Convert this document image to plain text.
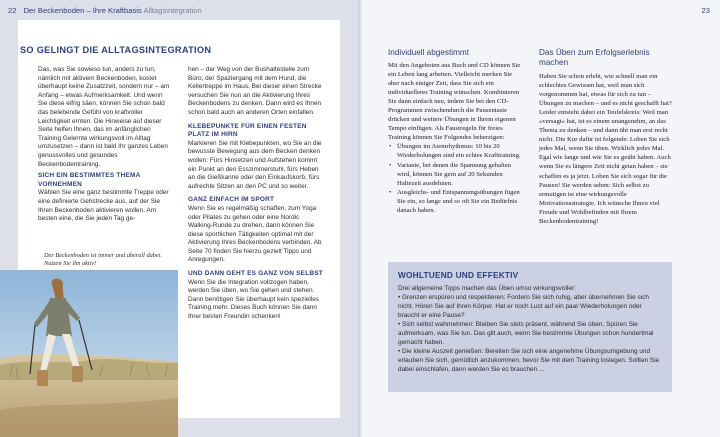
22 Der Beckenboden – Ihre Kraftbasis Alltagsintegration
SO GELINGT DIE ALLTAGSINTEGRATION

Das, was Sie sowieso tun, anders zu tun, nämlich mit aktivem Beckenboden, kostet überhaupt keine Zusatzzeit, sondern nur – am Anfang – etwas Aufmerksamkeit. Und wenn Sie diese eifrig säen, können Sie schon bald das belebende Gefühl von kraftvoller Leichtigkeit ernten. Die Hinweise auf dieser Seite helfen Ihnen, das im anfänglichen Training Gelernte wirkungsvoll im Alltag umzusetzen – dann ist bald Ihr ganzes Leben genussvolles und gesundes Beckenbodentraining.

SICH EIN BESTIMMTES THEMA VORNEHMEN

Wählen Sie eine ganz bestimmte Treppe oder eine definierte Gehstrecke aus, auf der Sie Ihren Beckenboden aktivieren wollen. Am besten eine, die Sie jeden Tag ge-

Der Beckenboden ist immer und überall dabei. Nutzen Sie ihn aktiv!

hen – der Weg von der Bushaltestelle zum Büro, der Spaziergang mit dem Hund, die Kellertreppe im Haus. Bei dieser einen Strecke versuchen Sie nun an die Aktivierung Ihres Beckenbodens zu denken. Dann wird es Ihnen schon bald auch an anderen Orten einfallen.

KLEBEPUNKTE FÜR EINEN FESTEN PLATZ IM HIRN

Markieren Sie mit Klebepunkten, wo Sie an die bewusste Bewegung aus dem Becken denken wollen: Fürs Hinsetzen und Aufstehen kommt ein Punkt an den Esszimmerstuhl, fürs Heben an die Gießkanne oder den Einkaufskorb, fürs aufrechte Sitzen an den PC und so weiter.

GANZ EINFACH IM SPORT

Wenn Sie es regelmäßig schaffen, zum Yoga oder Pilates zu gehen oder eine Nordic Walking-Runde zu drehen, dann können Sie diese sportlichen Tätigkeiten optimal mit der Aktivierung Ihres Beckenbodens verbinden. Ab Seite 70 finden Sie hierzu gezielt Tipps und Anregungen.

UND DANN GEHT ES GANZ VON SELBST

Wenn Sie die Integration vollzogen haben, werden Sie üben, wo Sie gehen und stehen. Dann benötigen Sie überhaupt kein spezielles Training mehr. Dieses Buch können Sie dann Ihrer besten Freundin schenken!

23
Individuell abgestimmt

Mit den Angeboten aus Buch und CD können Sie ein Leben lang arbeiten. Vielleicht merken Sie aber nach einiger Zeit, dass Sie sich ein individuelleres Training wünschen. Kombinieren Sie dann einfach neu, indem Sie bei den CD-Programmen zwischendurch die Pausentaste drücken und weitere Übungen in Ihrem eigenen Tempo einfügen. Als Faustregeln für freies Training können Sie Folgendes beherzigen:

• Übungen im Atemrhythmus: 10 bis 20 Wiederholungen sind ein echtes Krafttraining.
• Variante, bei denen die Spannung gehalten wird, können Sie gern auf 20 Sekunden Haltezeit ausdehnen.
• Ausgleichs- und Entspannungsübungen fügen Sie ein, so lange und so oft Sie ein Bedürfnis danach haben.
Das Üben zum Erfolgserlebnis machen

Haben Sie schon erlebt, wie schnell man ein schlechtes Gewissen hat, weil man sich vorgenommen hat, etwas für sich zu tun – Übungen zu machen – und es nicht geschafft hat? Leider entsteht dabei ein Teufelskreis: Weil man »versagt« hat, ist es einem unangenehm, an das Thema zu denken – und dann übt man erst recht nicht. Die Kur dafür ist folgende: Loben Sie sich jedes Mal, wenn Sie üben. Wirklich jedes Mal. Egal wie lange und wie Sie es geübt haben. Auch wenn Sie es längere Zeit nicht getan haben – sie schaffen es ja jetzt. Loben Sie sich sogar für die Pausen! Sie werden sehen: Sich selbst zu ermutigen ist eine wirkungsvolle Motivationsstrategie. Ich wünsche Ihnen viel Freude und Wohlbefinden mit Ihrem Beckenbodentraining!

WOHLTUEND UND EFFEKTIV

Drei allgemeine Tipps machen das Üben umso wirkungsvoller:

• Grenzen erspüren und respektieren: Fordern Sie sich ruhig, aber übernehmen Sie sich nicht. Hören Sie auf Ihren Körper. Hat er noch Lust auf ein paar Wiederholungen oder braucht er eine Pause?
• Sich selbst wahrnehmen: Bleiben Sie stets präsent, während Sie üben. Spüren Sie aufmerksam, was Sie tun. Das gilt auch, wenn Sie bestimmte Übungen schon hundertmal gemacht haben.
• Die kleine Auszeit genießen: Bereiten Sie sich eine angenehme Übungsumgebung und erlauben Sie sich, gemütlich anzukommen, bevor Sie mit dem Training loslegen. Sollten Sie dabei einschlafen, dann werden Sie es brauchen ...
